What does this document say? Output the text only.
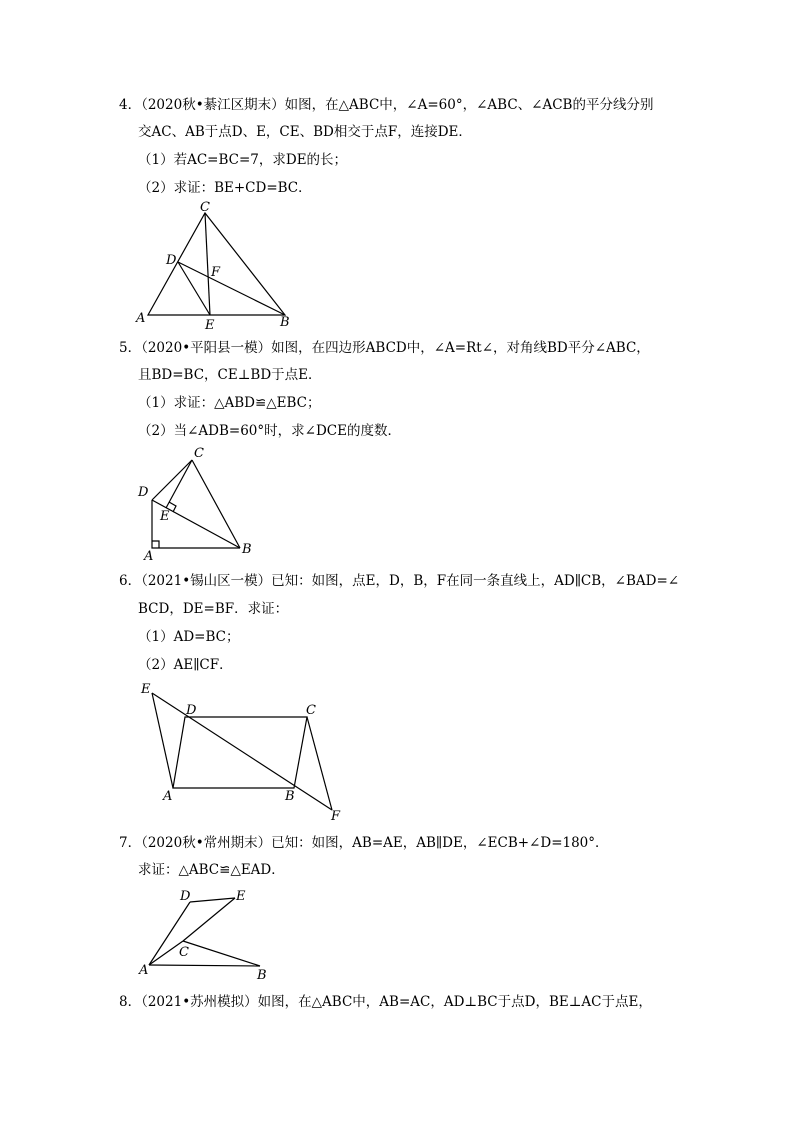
4．（2020秋•綦江区期末）如图，在△ABC中，∠A=60°，∠ABC、∠ACB的平分线分别
交AC、AB于点D、E，CE、BD相交于点F，连接DE．
（1）若AC=BC=7，求DE的长；
（2）求证：BE+CD=BC．
C
D
F
A	E	B
5．（2020•平阳县一模）如图，在四边形ABCD中，∠A=Rt∠，对角线BD平分∠ABC，
且BD=BC，CE⊥BD于点E．
（1）求证：△ABD≌△EBC；
（2）当∠ADB=60°时，求∠DCE的度数．
C
D
E
A	B
6．（2021•锡山区一模）已知：如图，点E，D，B，F在同一条直线上，AD∥CB，∠BAD=∠
BCD，DE=BF．求证：
（1）AD=BC；
（2）AE∥CF．
E
D	C
A	B
F
7．（2020秋•常州期末）已知：如图，AB=AE，AB∥DE，∠ECB+∠D=180°．
求证：△ABC≌△EAD．
D	E
C
A	B
8．（2021•苏州模拟）如图，在△ABC中，AB=AC，AD⊥BC于点D，BE⊥AC于点E，
